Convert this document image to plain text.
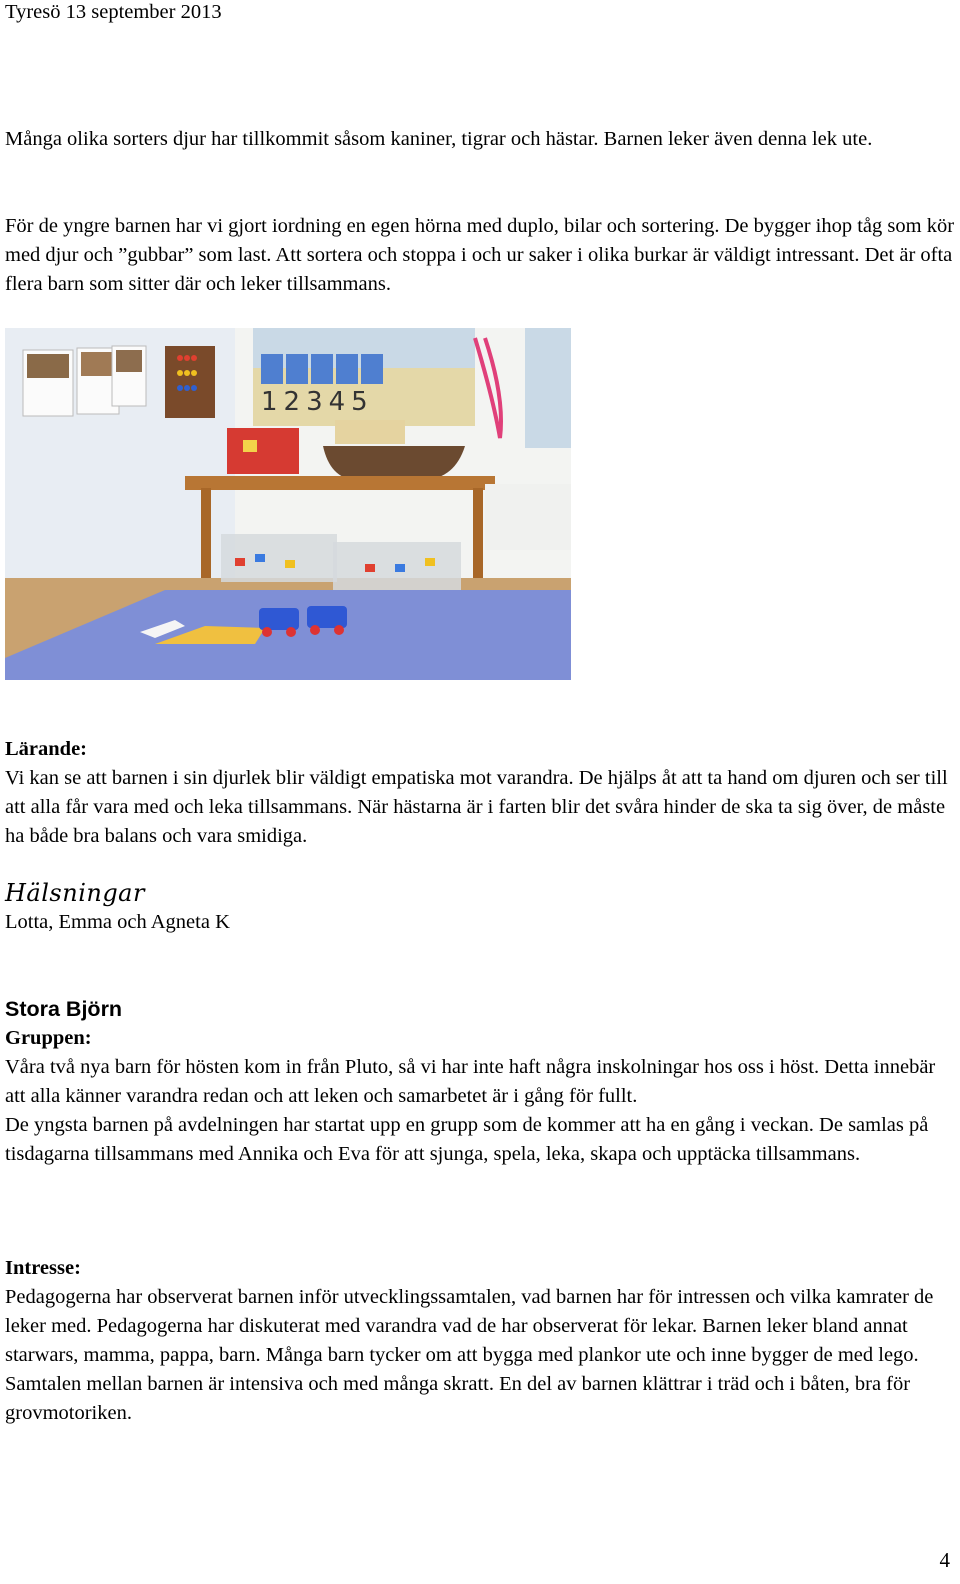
Tyresö 13 september 2013

Många olika sorters djur har tillkommit såsom kaniner, tigrar och hästar. Barnen leker även denna lek ute.

För de yngre barnen har vi gjort iordning en egen hörna med duplo, bilar och sortering. De bygger ihop tåg som kör med djur och ”gubbar” som last. Att sortera och stoppa i och ur saker i olika burkar är väldigt intressant. Det är ofta flera barn som sitter där och leker tillsammans.

12345
Lärande:

Vi kan se att barnen i sin djurlek blir väldigt empatiska mot varandra. De hjälps åt att ta hand om djuren och ser till att alla får vara med och leka tillsammans. När hästarna är i farten blir det svåra hinder de ska ta sig över, de måste ha både bra balans och vara smidiga.

Hälsningar
Lotta, Emma och Agneta K
Stora Björn
Gruppen:

Våra två nya barn för hösten kom in från Pluto, så vi har inte haft några inskolningar hos oss i höst. Detta innebär att alla känner varandra redan och att leken och samarbetet är i gång för fullt.

De yngsta barnen på avdelningen har startat upp en grupp som de kommer att ha en gång i veckan. De samlas på tisdagarna tillsammans med Annika och Eva för att sjunga, spela, leka, skapa och upptäcka tillsammans.

Intresse:

Pedagogerna har observerat barnen inför utvecklingssamtalen, vad barnen har för intressen och vilka kamrater de leker med. Pedagogerna har diskuterat med varandra vad de har observerat för lekar. Barnen leker bland annat starwars, mamma, pappa, barn. Många barn tycker om att bygga med plankor ute och inne bygger de med lego. Samtalen mellan barnen är intensiva och med många skratt. En del av barnen klättrar i träd och i båten, bra för grovmotoriken.

4
